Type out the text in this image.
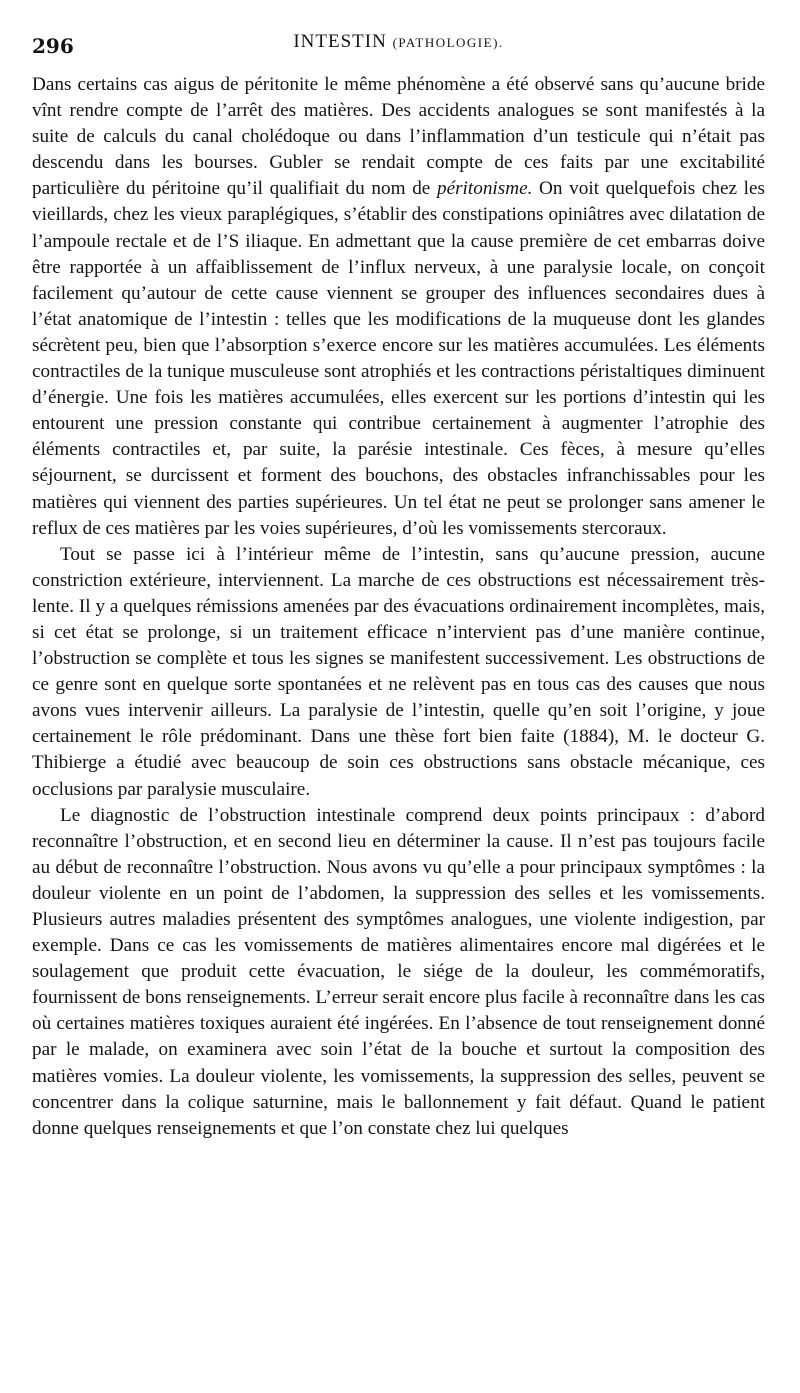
296	INTESTIN (PATHOLOGIE).

Dans certains cas aigus de péritonite le même phénomène a été observé sans qu’aucune bride vînt rendre compte de l’arrêt des matières. Des accidents analogues se sont manifestés à la suite de calculs du canal cholédoque ou dans l’inflammation d’un testicule qui n’était pas descendu dans les bourses. Gubler se rendait compte de ces faits par une excitabilité particulière du péritoine qu’il qualifiait du nom de péritonisme. On voit quelquefois chez les vieillards, chez les vieux paraplégiques, s’établir des constipations opiniâtres avec dilatation de l’ampoule rectale et de l’S iliaque. En admettant que la cause première de cet embarras doive être rapportée à un affaiblissement de l’influx nerveux, à une paralysie locale, on conçoit facilement qu’autour de cette cause viennent se grouper des influences secondaires dues à l’état anatomique de l’intestin : telles que les modifications de la muqueuse dont les glandes sécrètent peu, bien que l’absorption s’exerce encore sur les matières accumulées. Les éléments contractiles de la tunique musculeuse sont atrophiés et les contractions péristaltiques diminuent d’énergie. Une fois les matières accumulées, elles exercent sur les portions d’intestin qui les entourent une pression constante qui contribue certainement à augmenter l’atrophie des éléments contractiles et, par suite, la parésie intestinale. Ces fèces, à mesure qu’elles séjournent, se durcissent et forment des bouchons, des obstacles infranchissables pour les matières qui viennent des parties supérieures. Un tel état ne peut se prolonger sans amener le reflux de ces matières par les voies supérieures, d’où les vomissements stercoraux.

Tout se passe ici à l’intérieur même de l’intestin, sans qu’aucune pression, aucune constriction extérieure, interviennent. La marche de ces obstructions est nécessairement très-lente. Il y a quelques rémissions amenées par des évacuations ordinairement incomplètes, mais, si cet état se prolonge, si un traitement efficace n’intervient pas d’une manière continue, l’obstruction se complète et tous les signes se manifestent successivement. Les obstructions de ce genre sont en quelque sorte spontanées et ne relèvent pas en tous cas des causes que nous avons vues intervenir ailleurs. La paralysie de l’intestin, quelle qu’en soit l’origine, y joue certainement le rôle prédominant. Dans une thèse fort bien faite (1884), M. le docteur G. Thibierge a étudié avec beaucoup de soin ces obstructions sans obstacle mécanique, ces occlusions par paralysie musculaire.

Le diagnostic de l’obstruction intestinale comprend deux points principaux : d’abord reconnaître l’obstruction, et en second lieu en déterminer la cause. Il n’est pas toujours facile au début de reconnaître l’obstruction. Nous avons vu qu’elle a pour principaux symptômes : la douleur violente en un point de l’abdomen, la suppression des selles et les vomissements. Plusieurs autres maladies présentent des symptômes analogues, une violente indigestion, par exemple. Dans ce cas les vomissements de matières alimentaires encore mal digérées et le soulagement que produit cette évacuation, le siége de la douleur, les commémoratifs, fournissent de bons renseignements. L’erreur serait encore plus facile à reconnaître dans les cas où certaines matières toxiques auraient été ingérées. En l’absence de tout renseignement donné par le malade, on examinera avec soin l’état de la bouche et surtout la composition des matières vomies. La douleur violente, les vomissements, la suppression des selles, peuvent se concentrer dans la colique saturnine, mais le ballonnement y fait défaut. Quand le patient donne quelques renseignements et que l’on constate chez lui quelques
